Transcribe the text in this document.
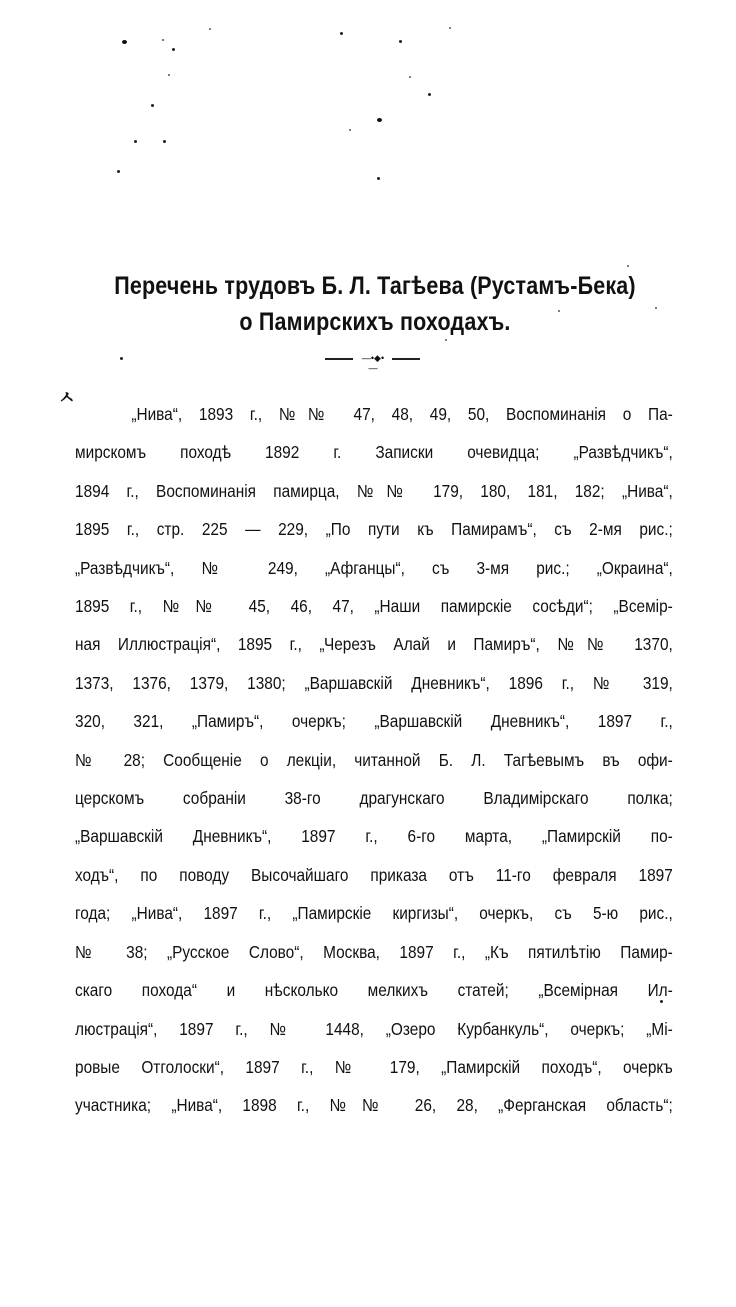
Перечень трудовъ Б. Л. Тагѣева (Рустамъ-Бека)
о Памирскихъ походахъ.
—•◆•—
ㅅ
„Нива“, 1893 г., №№ 47, 48, 49, 50, Воспоминанія о Па-
мирскомъ походѣ 1892 г. Записки очевидца; „Развѣдчикъ“,
1894 г., Воспоминанія памирца, №№ 179, 180, 181, 182; „Нива“,
1895 г., стр. 225 — 229, „По пути къ Памирамъ“, съ 2-мя рис.;
„Развѣдчикъ“, № 249, „Афганцы“, съ 3-мя рис.; „Окраина“,
1895 г., №№ 45, 46, 47, „Наши памирскіе сосѣди“; „Всемір-
ная Иллюстрація“, 1895 г., „Черезъ Алай и Памиръ“, №№ 1370,
1373, 1376, 1379, 1380; „Варшавскій Дневникъ“, 1896 г., № 319,
320, 321, „Памиръ“, очеркъ; „Варшавскій Дневникъ“, 1897 г.,
№ 28; Сообщеніе о лекціи, читанной Б. Л. Тагѣевымъ въ офи-
церскомъ собраніи 38-го драгунскаго Владимірскаго полка;
„Варшавскій Дневникъ“, 1897 г., 6-го марта, „Памирскій по-
ходъ“, по поводу Высочайшаго приказа отъ 11-го февраля 1897
года; „Нива“, 1897 г., „Памирскіе киргизы“, очеркъ, съ 5-ю рис.,
№ 38; „Русское Слово“, Москва, 1897 г., „Къ пятилѣтію Памир-
скаго похода“ и нѣсколько мелкихъ статей; „Всемірная Ил-
люстрація“, 1897 г., № 1448, „Озеро Курбанкуль“, очеркъ; „Мі-
ровые Отголоски“, 1897 г., № 179, „Памирскій походъ“, очеркъ
участника; „Нива“, 1898 г., №№ 26, 28, „Ферганская область“;
